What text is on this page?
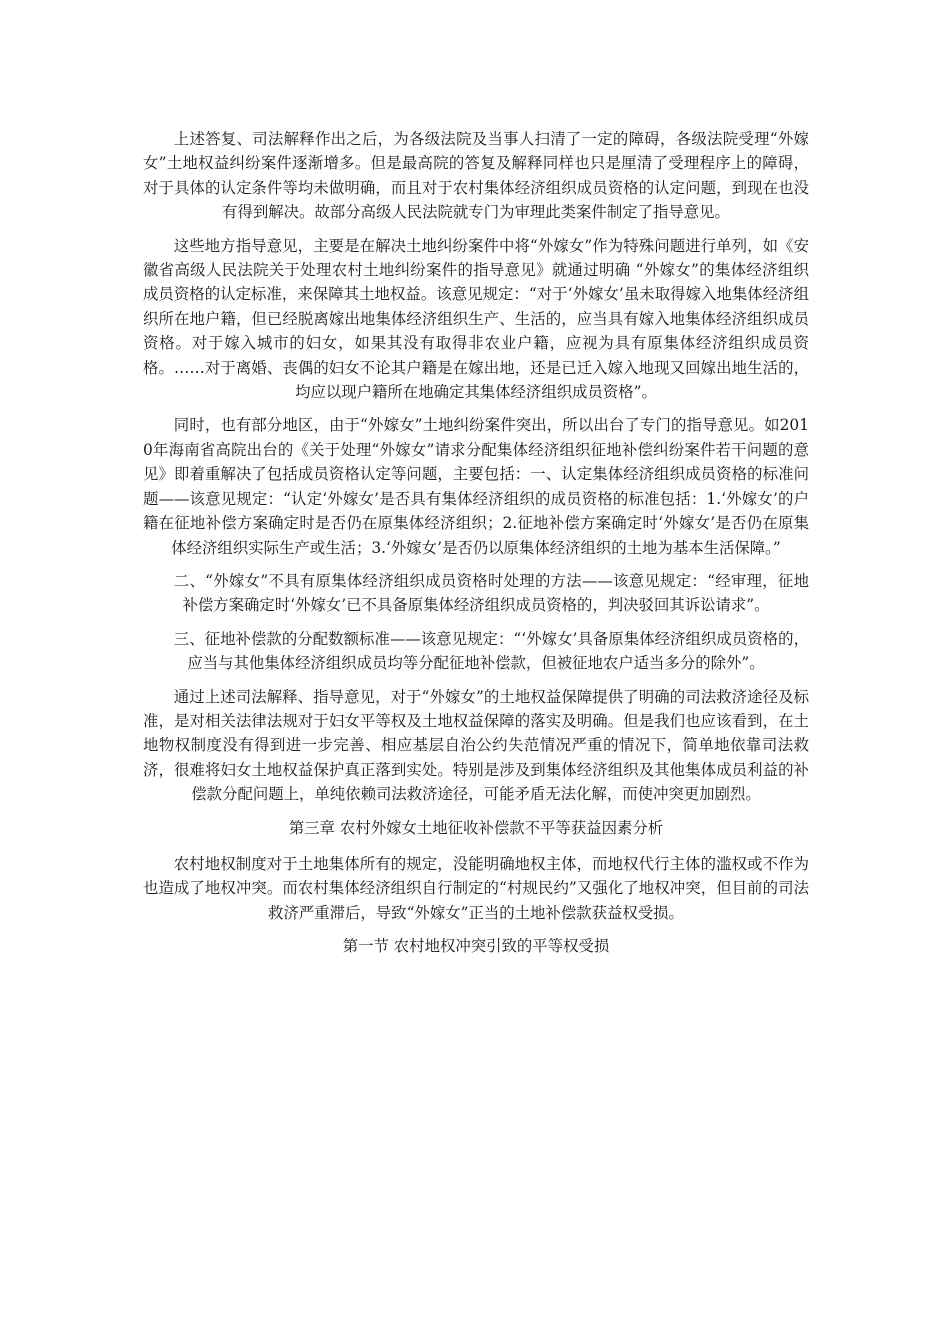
上述答复、司法解释作出之后，为各级法院及当事人扫清了一定的障碍，各级法院受理“外嫁女”土地权益纠纷案件逐渐增多。但是最高院的答复及解释同样也只是厘清了受理程序上的障碍，对于具体的认定条件等均未做明确，而且对于农村集体经济组织成员资格的认定问题，到现在也没有得到解决。故部分高级人民法院就专门为审理此类案件制定了指导意见。

这些地方指导意见，主要是在解决土地纠纷案件中将“外嫁女”作为特殊问题进行单列，如《安徽省高级人民法院关于处理农村土地纠纷案件的指导意见》就通过明确 “外嫁女”的集体经济组织成员资格的认定标准，来保障其土地权益。该意见规定：“对于‘外嫁女’虽未取得嫁入地集体经济组织所在地户籍，但已经脱离嫁出地集体经济组织生产、生活的，应当具有嫁入地集体经济组织成员资格。对于嫁入城市的妇女，如果其没有取得非农业户籍，应视为具有原集体经济组织成员资格。……对于离婚、丧偶的妇女不论其户籍是在嫁出地，还是已迁入嫁入地现又回嫁出地生活的，均应以现户籍所在地确定其集体经济组织成员资格”。

同时，也有部分地区，由于“外嫁女”土地纠纷案件突出，所以出台了专门的指导意见。如2010年海南省高院出台的《关于处理“外嫁女”请求分配集体经济组织征地补偿纠纷案件若干问题的意见》即着重解决了包括成员资格认定等问题，主要包括：一、认定集体经济组织成员资格的标准问题——该意见规定：“认定‘外嫁女’是否具有集体经济组织的成员资格的标准包括：1.‘外嫁女’的户籍在征地补偿方案确定时是否仍在原集体经济组织；2.征地补偿方案确定时‘外嫁女’是否仍在原集体经济组织实际生产或生活；3.‘外嫁女’是否仍以原集体经济组织的土地为基本生活保障。”

二、“外嫁女”不具有原集体经济组织成员资格时处理的方法——该意见规定：“经审理，征地补偿方案确定时‘外嫁女’已不具备原集体经济组织成员资格的，判决驳回其诉讼请求”。

三、征地补偿款的分配数额标准——该意见规定：“‘外嫁女’具备原集体经济组织成员资格的，应当与其他集体经济组织成员均等分配征地补偿款，但被征地农户适当多分的除外”。

通过上述司法解释、指导意见，对于“外嫁女”的土地权益保障提供了明确的司法救济途径及标准，是对相关法律法规对于妇女平等权及土地权益保障的落实及明确。但是我们也应该看到，在土地物权制度没有得到进一步完善、相应基层自治公约失范情况严重的情况下，简单地依靠司法救济，很难将妇女土地权益保护真正落到实处。特别是涉及到集体经济组织及其他集体成员利益的补偿款分配问题上，单纯依赖司法救济途径，可能矛盾无法化解，而使冲突更加剧烈。

第三章 农村外嫁女土地征收补偿款不平等获益因素分析

农村地权制度对于土地集体所有的规定，没能明确地权主体，而地权代行主体的滥权或不作为也造成了地权冲突。而农村集体经济组织自行制定的“村规民约”又强化了地权冲突，但目前的司法救济严重滞后，导致“外嫁女”正当的土地补偿款获益权受损。

第一节 农村地权冲突引致的平等权受损
